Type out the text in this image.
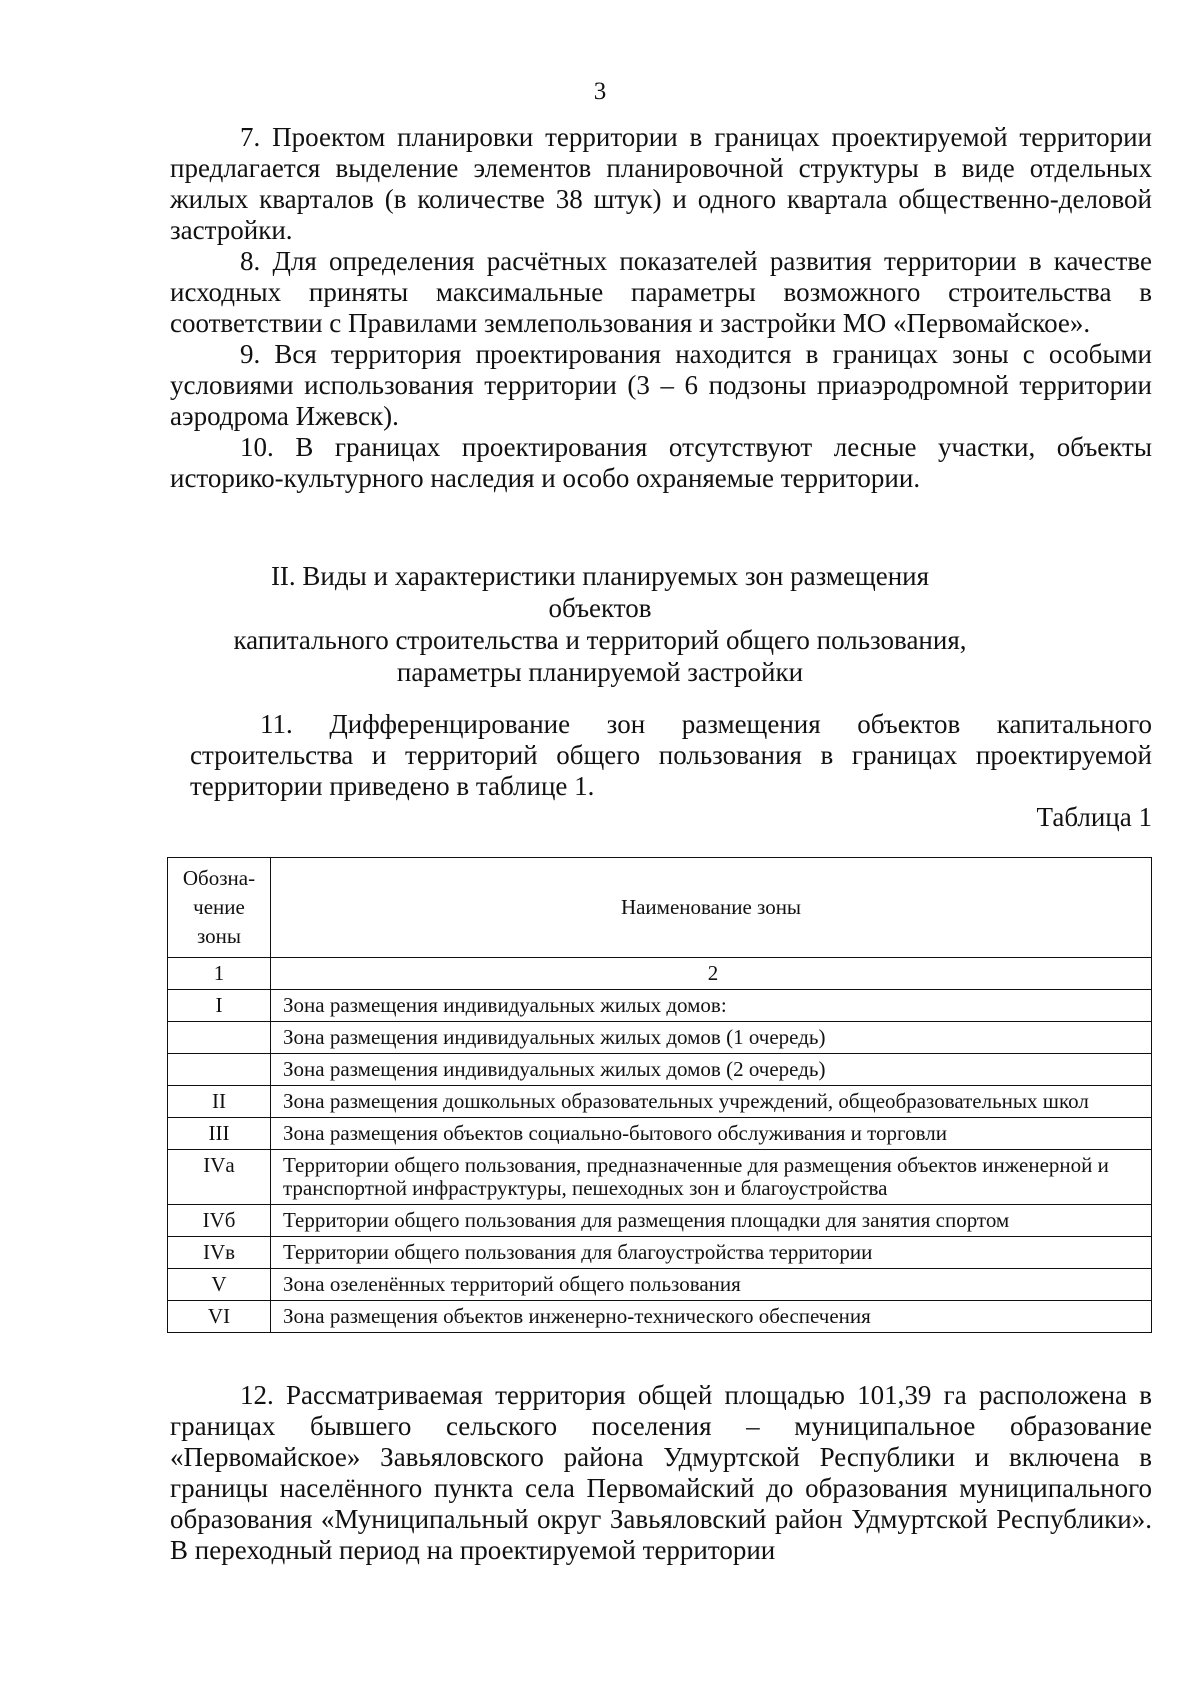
3

7. Проектом планировки территории в границах проектируемой территории предлагается выделение элементов планировочной структуры в виде отдельных жилых кварталов (в количестве 38 штук) и одного квартала общественно-деловой застройки.

8. Для определения расчётных показателей развития территории в качестве исходных приняты максимальные параметры возможного строительства в соответствии с Правилами землепользования и застройки МО «Первомайское».

9. Вся территория проектирования находится в границах зоны с особыми условиями использования территории (3 – 6 подзоны приаэродромной территории аэродрома Ижевск).

10. В границах проектирования отсутствуют лесные участки, объекты историко-культурного наследия и особо охраняемые территории.

II. Виды и характеристики планируемых зон размещения объектов
капитального строительства и территорий общего пользования,
параметры планируемой застройки

11. Дифференцирование зон размещения объектов капитального строительства и территорий общего пользования в границах проектируемой территории приведено в таблице 1.

Таблица 1
Обозна-
чение
зоны	Наименование зоны
1	2
I	Зона размещения индивидуальных жилых домов:
	Зона размещения индивидуальных жилых домов (1 очередь)
	Зона размещения индивидуальных жилых домов (2 очередь)
II	Зона размещения дошкольных образовательных учреждений, общеобразовательных школ
III	Зона размещения объектов социально-бытового обслуживания и торговли
IVа	Территории общего пользования, предназначенные для размещения объектов инженерной и транспортной инфраструктуры, пешеходных зон и благоустройства
IVб	Территории общего пользования для размещения площадки для занятия спортом
IVв	Территории общего пользования для благоустройства территории
V	Зона озеленённых территорий общего пользования
VI	Зона размещения объектов инженерно-технического обеспечения

12. Рассматриваемая территория общей площадью 101,39 га расположена в границах бывшего сельского поселения – муниципальное образование «Первомайское» Завьяловского района Удмуртской Республики и включена в границы населённого пункта села Первомайский до образования муниципального образования «Муниципальный округ Завьяловский район Удмуртской Республики». В переходный период на проектируемой территории
